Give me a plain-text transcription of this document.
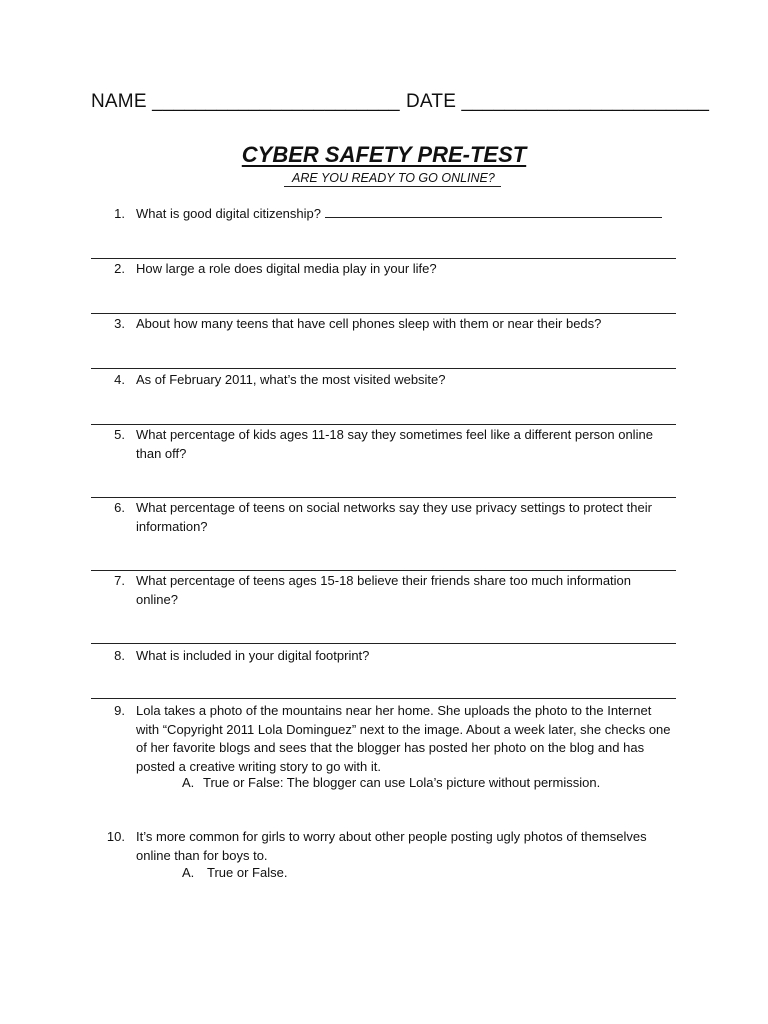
NAME _______________________ DATE _______________________
CYBER SAFETY PRE-TEST
ARE YOU READY TO GO ONLINE?
1. What is good digital citizenship?
2. How large a role does digital media play in your life?
3. About how many teens that have cell phones sleep with them or near their beds?
4. As of February 2011, what’s the most visited website?
5. What percentage of kids ages 11-18 say they sometimes feel like a different person online than off?
6. What percentage of teens on social networks say they use privacy settings to protect their information?
7. What percentage of teens ages 15-18 believe their friends share too much information online?
8. What is included in your digital footprint?
9. Lola takes a photo of the mountains near her home. She uploads the photo to the Internet with “Copyright 2011 Lola Dominguez” next to the image. About a week later, she checks one of her favorite blogs and sees that the blogger has posted her photo on the blog and has posted a creative writing story to go with it.
A. True or False: The blogger can use Lola’s picture without permission.
10. It’s more common for girls to worry about other people posting ugly photos of themselves online than for boys to.
A. True or False.
